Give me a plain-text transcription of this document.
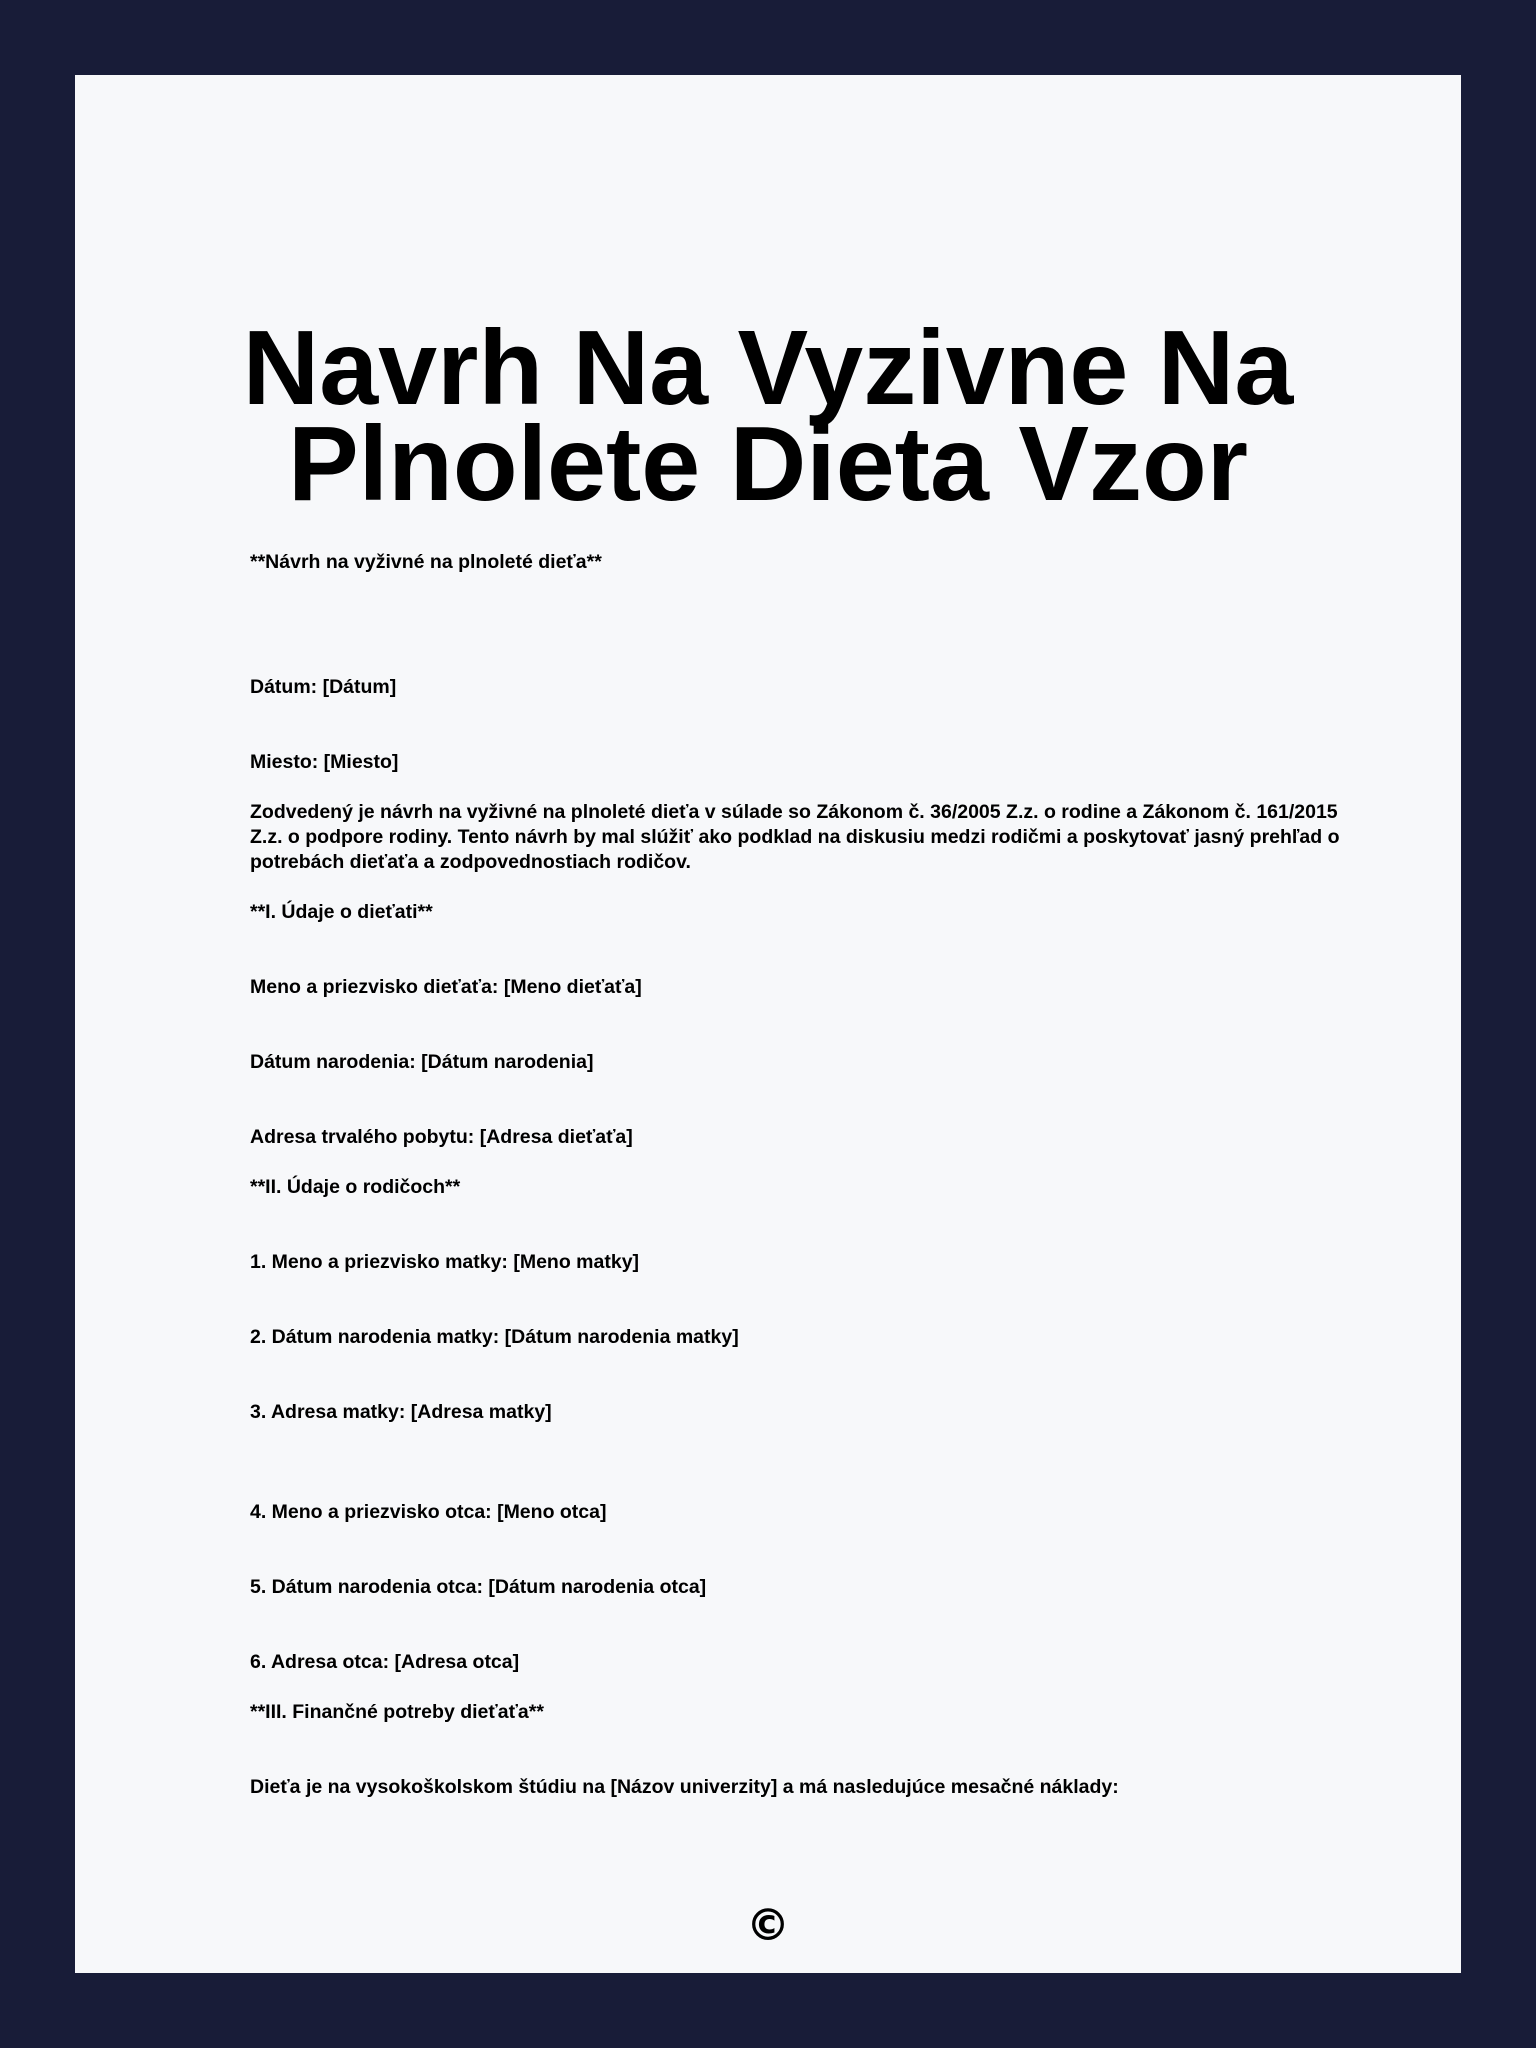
Navrh Na Vyzivne Na Plnolete Dieta Vzor

**Návrh na vyživné na plnoleté dieťa**

Dátum: [Dátum]

Miesto: [Miesto]

Zodvedený je návrh na vyživné na plnoleté dieťa v súlade so Zákonom č. 36/2005 Z.z. o rodine a Zákonom č. 161/2015 Z.z. o podpore rodiny. Tento návrh by mal slúžiť ako podklad na diskusiu medzi rodičmi a poskytovať jasný prehľad o potrebách dieťaťa a zodpovednostiach rodičov.

**I. Údaje o dieťati**

Meno a priezvisko dieťaťa: [Meno dieťaťa]

Dátum narodenia: [Dátum narodenia]

Adresa trvalého pobytu: [Adresa dieťaťa]

**II. Údaje o rodičoch**

1. Meno a priezvisko matky: [Meno matky]

2. Dátum narodenia matky: [Dátum narodenia matky]

3. Adresa matky: [Adresa matky]

4. Meno a priezvisko otca: [Meno otca]

5. Dátum narodenia otca: [Dátum narodenia otca]

6. Adresa otca: [Adresa otca]

**III. Finančné potreby dieťaťa**

Dieťa je na vysokoškolskom štúdiu na [Názov univerzity] a má nasledujúce mesačné náklady:

©
